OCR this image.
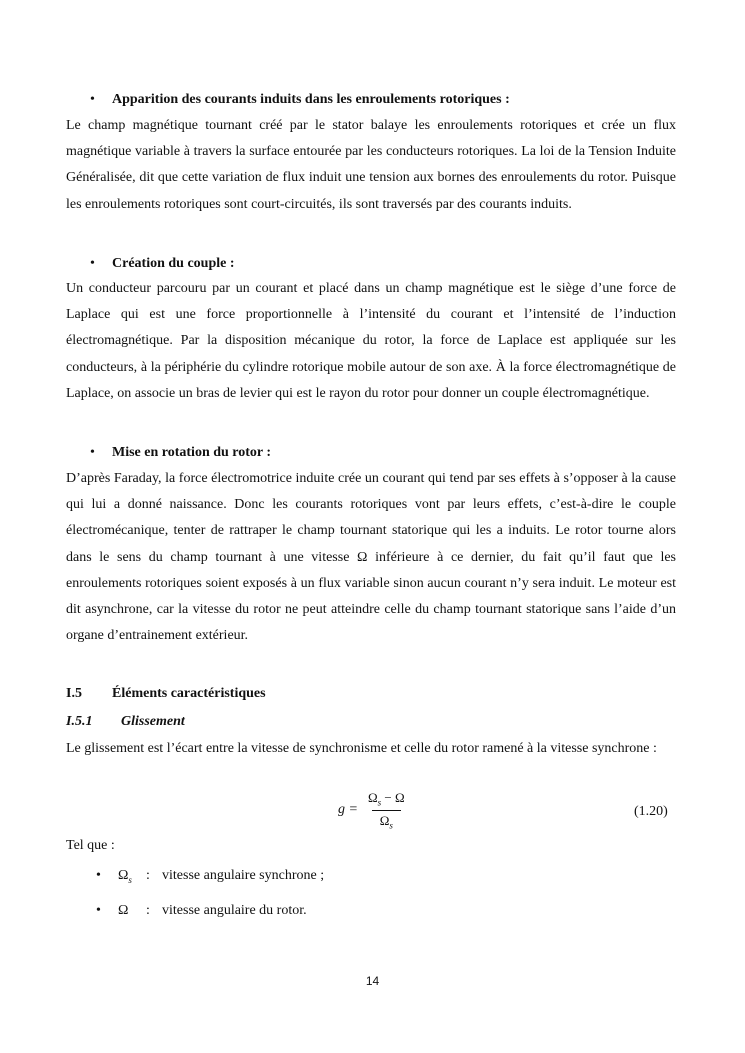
• Apparition des courants induits dans les enroulements rotoriques :
Le champ magnétique tournant créé par le stator balaye les enroulements rotoriques et crée un flux magnétique variable à travers la surface entourée par les conducteurs rotoriques. La loi de la Tension Induite Généralisée, dit que cette variation de flux induit une tension aux bornes des enroulements du rotor. Puisque les enroulements rotoriques sont court-circuités, ils sont traversés par des courants induits.
• Création du couple :
Un conducteur parcouru par un courant et placé dans un champ magnétique est le siège d’une force de Laplace qui est une force proportionnelle à l’intensité du courant et l’intensité de l’induction électromagnétique. Par la disposition mécanique du rotor, la force de Laplace est appliquée sur les conducteurs, à la périphérie du cylindre rotorique mobile autour de son axe. À la force électromagnétique de Laplace, on associe un bras de levier qui est le rayon du rotor pour donner un couple électromagnétique.
• Mise en rotation du rotor :
D’après Faraday, la force électromotrice induite crée un courant qui tend par ses effets à s’opposer à la cause qui lui a donné naissance. Donc les courants rotoriques vont par leurs effets, c’est-à-dire le couple électromécanique, tenter de rattraper le champ tournant statorique qui les a induits. Le rotor tourne alors dans le sens du champ tournant à une vitesse Ω inférieure à ce dernier, du fait qu’il faut que les enroulements rotoriques soient exposés à un flux variable sinon aucun courant n’y sera induit. Le moteur est dit asynchrone, car la vitesse du rotor ne peut atteindre celle du champ tournant statorique sans l’aide d’un organe d’entrainement extérieur.
I.5 Éléments caractéristiques
I.5.1 Glissement
Le glissement est l’écart entre la vitesse de synchronisme et celle du rotor ramené à la vitesse synchrone :
$g = \frac{\Omega_s - \Omega}{\Omega_s}$	(1.20)
Tel que :
•	$\Omega_s$	: vitesse angulaire synchrone ;
•	Ω	: vitesse angulaire du rotor.
14
